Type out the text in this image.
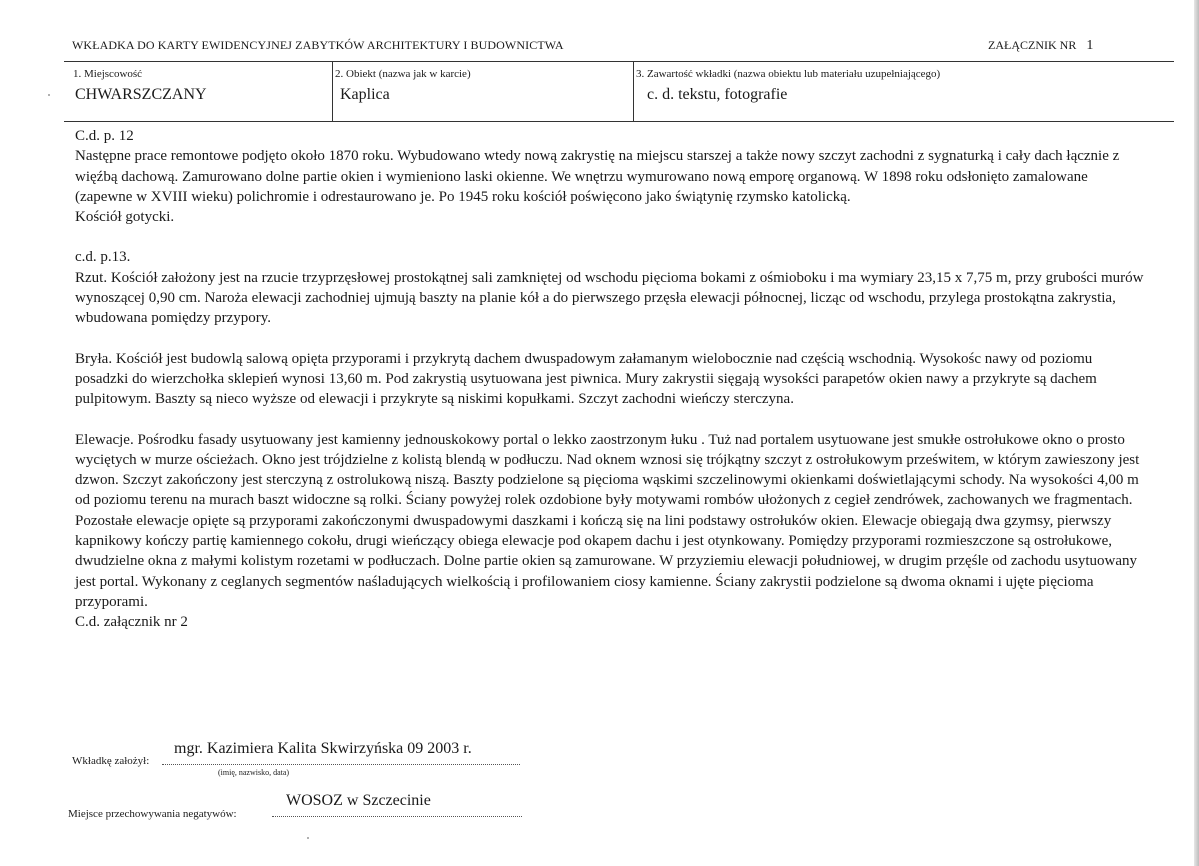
WKŁADKA DO KARTY EWIDENCYJNEJ ZABYTKÓW ARCHITEKTURY I BUDOWNICTWA	ZAŁĄCZNIK NR 1
1. Miejscowość
CHWARSZCZANY
2. Obiekt (nazwa jak w karcie)
Kaplica
3. Zawartość wkładki (nazwa obiektu lub materiału uzupełniającego)
c. d. tekstu, fotografie

C.d. p. 12
Następne prace remontowe podjęto około 1870 roku. Wybudowano wtedy nową zakrystię na miejscu starszej a także nowy szczyt zachodni z sygnaturką i cały dach łącznie z więźbą dachową. Zamurowano dolne partie okien i wymieniono laski okienne. We wnętrzu wymurowano nową emporę organową. W 1898 roku odsłonięto zamalowane (zapewne w XVIII wieku) polichromie i odrestaurowano je. Po 1945 roku kościół poświęcono jako świątynię rzymsko katolicką.
Kościół gotycki.

c.d. p.13.
Rzut. Kościół założony jest na rzucie trzyprzęsłowej prostokątnej sali zamkniętej od wschodu pięcioma bokami z ośmioboku i ma wymiary 23,15 x 7,75 m, przy grubości murów wynoszącej 0,90 cm. Naroża elewacji zachodniej ujmują baszty na planie kół a do pierwszego przęsła elewacji północnej, licząc od wschodu, przylega prostokątna zakrystia, wbudowana pomiędzy przypory.

Bryła. Kościół jest budowlą salową opięta przyporami i przykrytą dachem dwuspadowym załamanym wielobocznie nad częścią wschodnią. Wysokośc nawy od poziomu posadzki do wierzchołka sklepień wynosi 13,60 m. Pod zakrystią usytuowana jest piwnica. Mury zakrystii sięgają wysokści parapetów okien nawy a przykryte są dachem pulpitowym. Baszty są nieco wyższe od elewacji i przykryte są niskimi kopułkami. Szczyt zachodni wieńczy sterczyna.

Elewacje. Pośrodku fasady usytuowany jest kamienny jednouskokowy portal o lekko zaostrzonym łuku . Tuż nad portalem usytuowane jest smukłe ostrołukowe okno o prosto wyciętych w murze ościeżach. Okno jest trójdzielne z kolistą blendą w podłuczu. Nad oknem wznosi się trójkątny szczyt z ostrołukowym prześwitem, w którym zawieszony jest dzwon. Szczyt zakończony jest sterczyną z ostrolukową niszą. Baszty podzielone są pięcioma wąskimi szczelinowymi okienkami doświetlającymi schody. Na wysokości 4,00 m od poziomu terenu na murach baszt widoczne są rolki. Ściany powyżej rolek ozdobione były motywami rombów ułożonych z cegieł zendrówek, zachowanych we fragmentach. Pozostałe elewacje opięte są przyporami zakończonymi dwuspadowymi daszkami i kończą się na lini podstawy ostrołuków okien. Elewacje obiegają dwa gzymsy, pierwszy kapnikowy kończy partię kamiennego cokołu, drugi wieńczący obiega elewacje pod okapem dachu i jest otynkowany. Pomiędzy przyporami rozmieszczone są ostrołukowe, dwudzielne okna z małymi kolistym rozetami w podłuczach. Dolne partie okien są zamurowane. W przyziemiu elewacji południowej, w drugim przęśle od zachodu usytuowany jest portal. Wykonany z ceglanych segmentów naśladujących wielkością i profilowaniem ciosy kamienne. Ściany zakrystii podzielone są dwoma oknami i ujęte pięcioma przyporami.
C.d. załącznik nr 2

Wkładkę założył:
mgr. Kazimiera Kalita Skwirzyńska 09 2003 r.
(imię, nazwisko, data)
Miejsce przechowywania negatywów:
WOSOZ w Szczecinie
